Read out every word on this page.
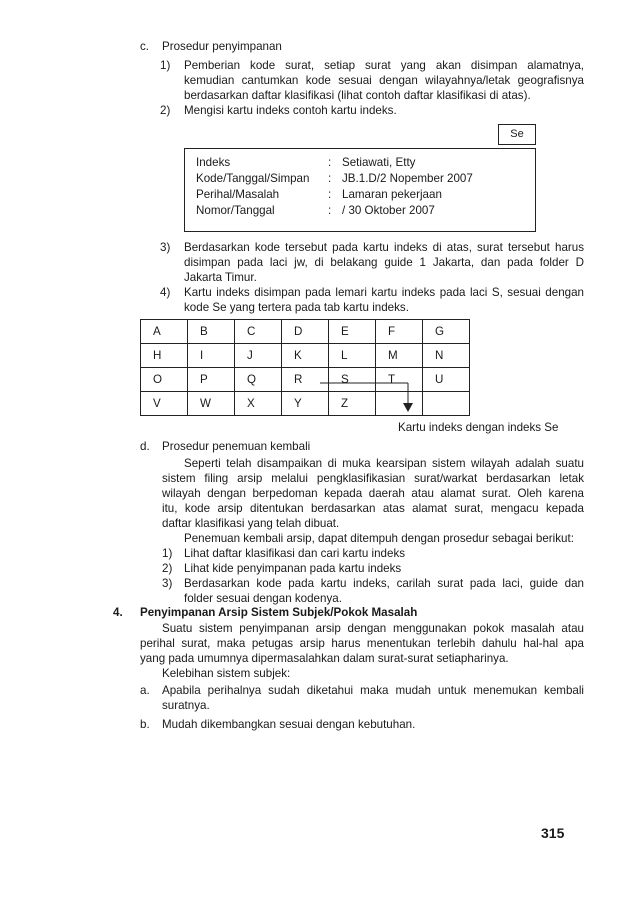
c. Prosedur penyimpanan
1) Pemberian kode surat, setiap surat yang akan disimpan alamatnya,
kemudian cantumkan kode sesuai dengan wilayahnya/letak geografisnya
berdasarkan daftar klasifikasi (lihat contoh daftar klasifikasi di atas).
2) Mengisi kartu indeks contoh kartu indeks.
Se
Indeks	: Setiawati, Etty
Kode/Tanggal/Simpan : JB.1.D/2 Nopember 2007
Perihal/Masalah	: Lamaran pekerjaan
Nomor/Tanggal	: / 30 Oktober 2007
3) Berdasarkan kode tersebut pada kartu indeks di atas, surat tersebut harus
disimpan pada laci jw, di belakang guide 1 Jakarta, dan pada folder D
Jakarta Timur.
4) Kartu indeks disimpan pada lemari kartu indeks pada laci S, sesuai dengan
kode Se yang tertera pada tab kartu indeks.
A	B	C	D	E	F	G
H	I	J	K	L	M	N
O	P	Q	R	S	T	U
V	W	X	Y	Z		
Kartu indeks dengan indeks Se
d. Prosedur penemuan kembali
Seperti telah disampaikan di muka kearsipan sistem wilayah adalah suatu
sistem filing arsip melalui pengklasifikasian surat/warkat berdasarkan letak
wilayah dengan berpedoman kepada daerah atau alamat surat. Oleh karena
itu, kode arsip ditentukan berdasarkan atas alamat surat, mengacu kepada
daftar klasifikasi yang telah dibuat.
Penemuan kembali arsip, dapat ditempuh dengan prosedur sebagai berikut:
1) Lihat daftar klasifikasi dan cari kartu indeks
2) Lihat kide penyimpanan pada kartu indeks
3) Berdasarkan kode pada kartu indeks, carilah surat pada laci, guide dan
folder sesuai dengan kodenya.
4. Penyimpanan Arsip Sistem Subjek/Pokok Masalah
Suatu sistem penyimpanan arsip dengan menggunakan pokok masalah atau
perihal surat, maka petugas arsip harus menentukan terlebih dahulu hal-hal apa
yang pada umumnya dipermasalahkan dalam surat-surat setiapharinya.
Kelebihan sistem subjek:
a. Apabila perihalnya sudah diketahui maka mudah untuk menemukan kembali
suratnya.
b. Mudah dikembangkan sesuai dengan kebutuhan.
315
